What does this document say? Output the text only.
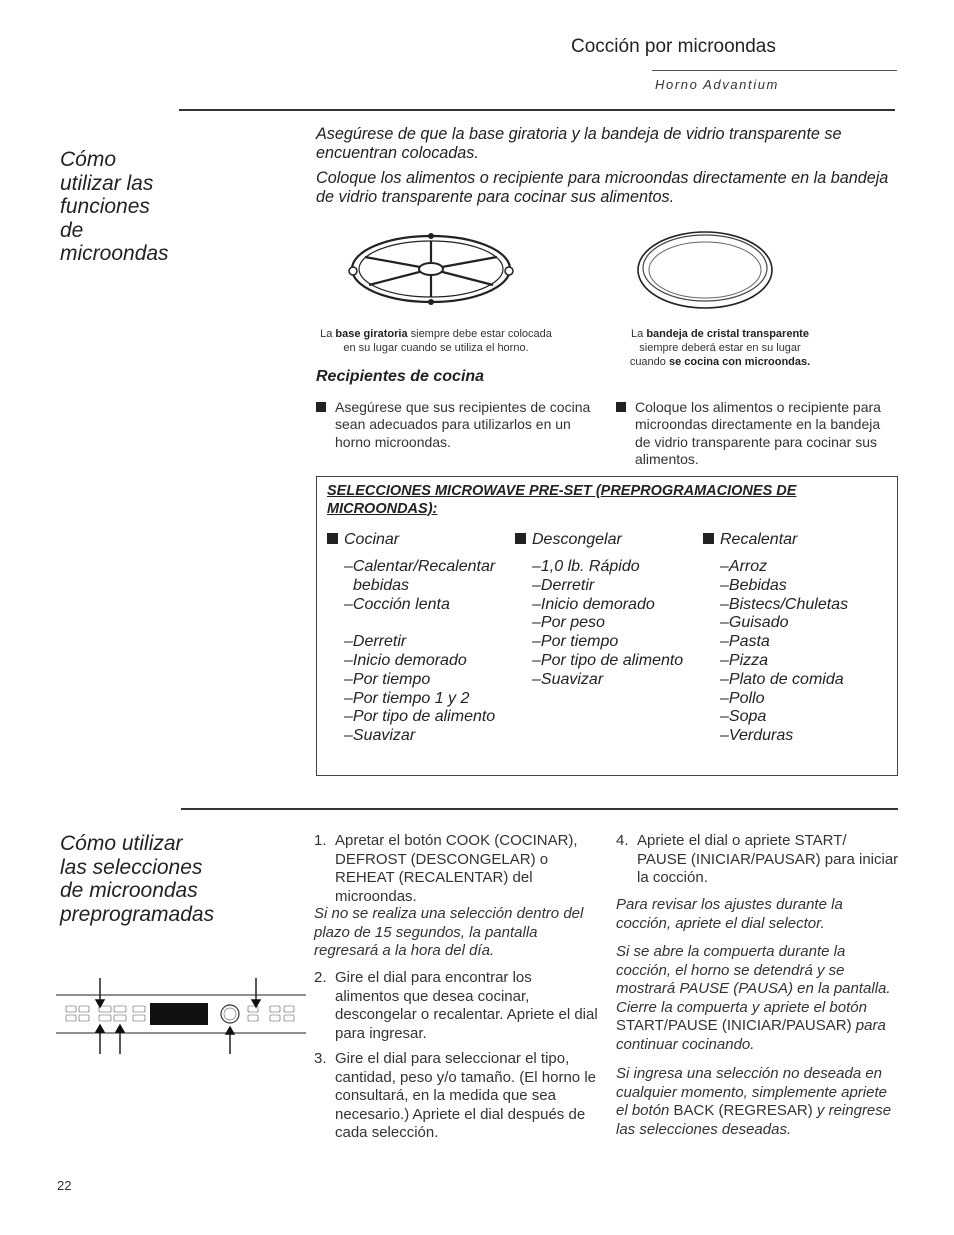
Cocción por microondas
Horno Advantium
Cómo
utilizar las
funciones
de
microondas

Asegúrese de que la base giratoria y la bandeja de vidrio transparente se encuentran colocadas.

Coloque los alimentos o recipiente para microondas directamente en la bandeja de vidrio transparente para cocinar sus alimentos.

La base giratoria siempre debe estar colocada
en su lugar cuando se utiliza el horno.
La bandeja de cristal transparente
siempre deberá estar en su lugar
cuando se cocina con microondas.
Recipientes de cocina
Asegúrese que sus recipientes de cocina sean adecuados para utilizarlos en un horno microondas.
Coloque los alimentos o recipiente para microondas directamente en la bandeja de vidrio transparente para cocinar sus alimentos.
SELECCIONES MICROWAVE PRE-SET (PREPROGRAMACIONES DE MICROONDAS):
Cocinar
–Calentar/Recalentar
bebidas
–Cocción lenta
–Derretir
–Inicio demorado
–Por tiempo
–Por tiempo 1 y 2
–Por tipo de alimento
–Suavizar
Descongelar
–1,0 lb. Rápido
–Derretir
–Inicio demorado
–Por peso
–Por tiempo
–Por tipo de alimento
–Suavizar
Recalentar
–Arroz
–Bebidas
–Bistecs/Chuletas
–Guisado
–Pasta
–Pizza
–Plato de comida
–Pollo
–Sopa
–Verduras
Cómo utilizar
las selecciones
de microondas
preprogramadas
1. Apretar el botón COOK (COCINAR), DEFROST (DESCONGELAR) o REHEAT (RECALENTAR) del microondas.
Si no se realiza una selección dentro del plazo de 15 segundos, la pantalla regresará a la hora del día.
2. Gire el dial para encontrar los alimentos que desea cocinar, descongelar o recalentar. Apriete el dial para ingresar.
3. Gire el dial para seleccionar el tipo, cantidad, peso y/o tamaño. (El horno le consultará, en la medida que sea necesario.) Apriete el dial después de cada selección.
4. Apriete el dial o apriete START/ PAUSE (INICIAR/PAUSAR) para iniciar la cocción.
Para revisar los ajustes durante la cocción, apriete el dial selector.
Si se abre la compuerta durante la cocción, el horno se detendrá y se mostrará PAUSE (PAUSA) en la pantalla. Cierre la compuerta y apriete el botón START/PAUSE (INICIAR/PAUSAR) para continuar cocinando.
Si ingresa una selección no deseada en cualquier momento, simplemente apriete el botón BACK (REGRESAR) y reingrese las selecciones deseadas.
22
